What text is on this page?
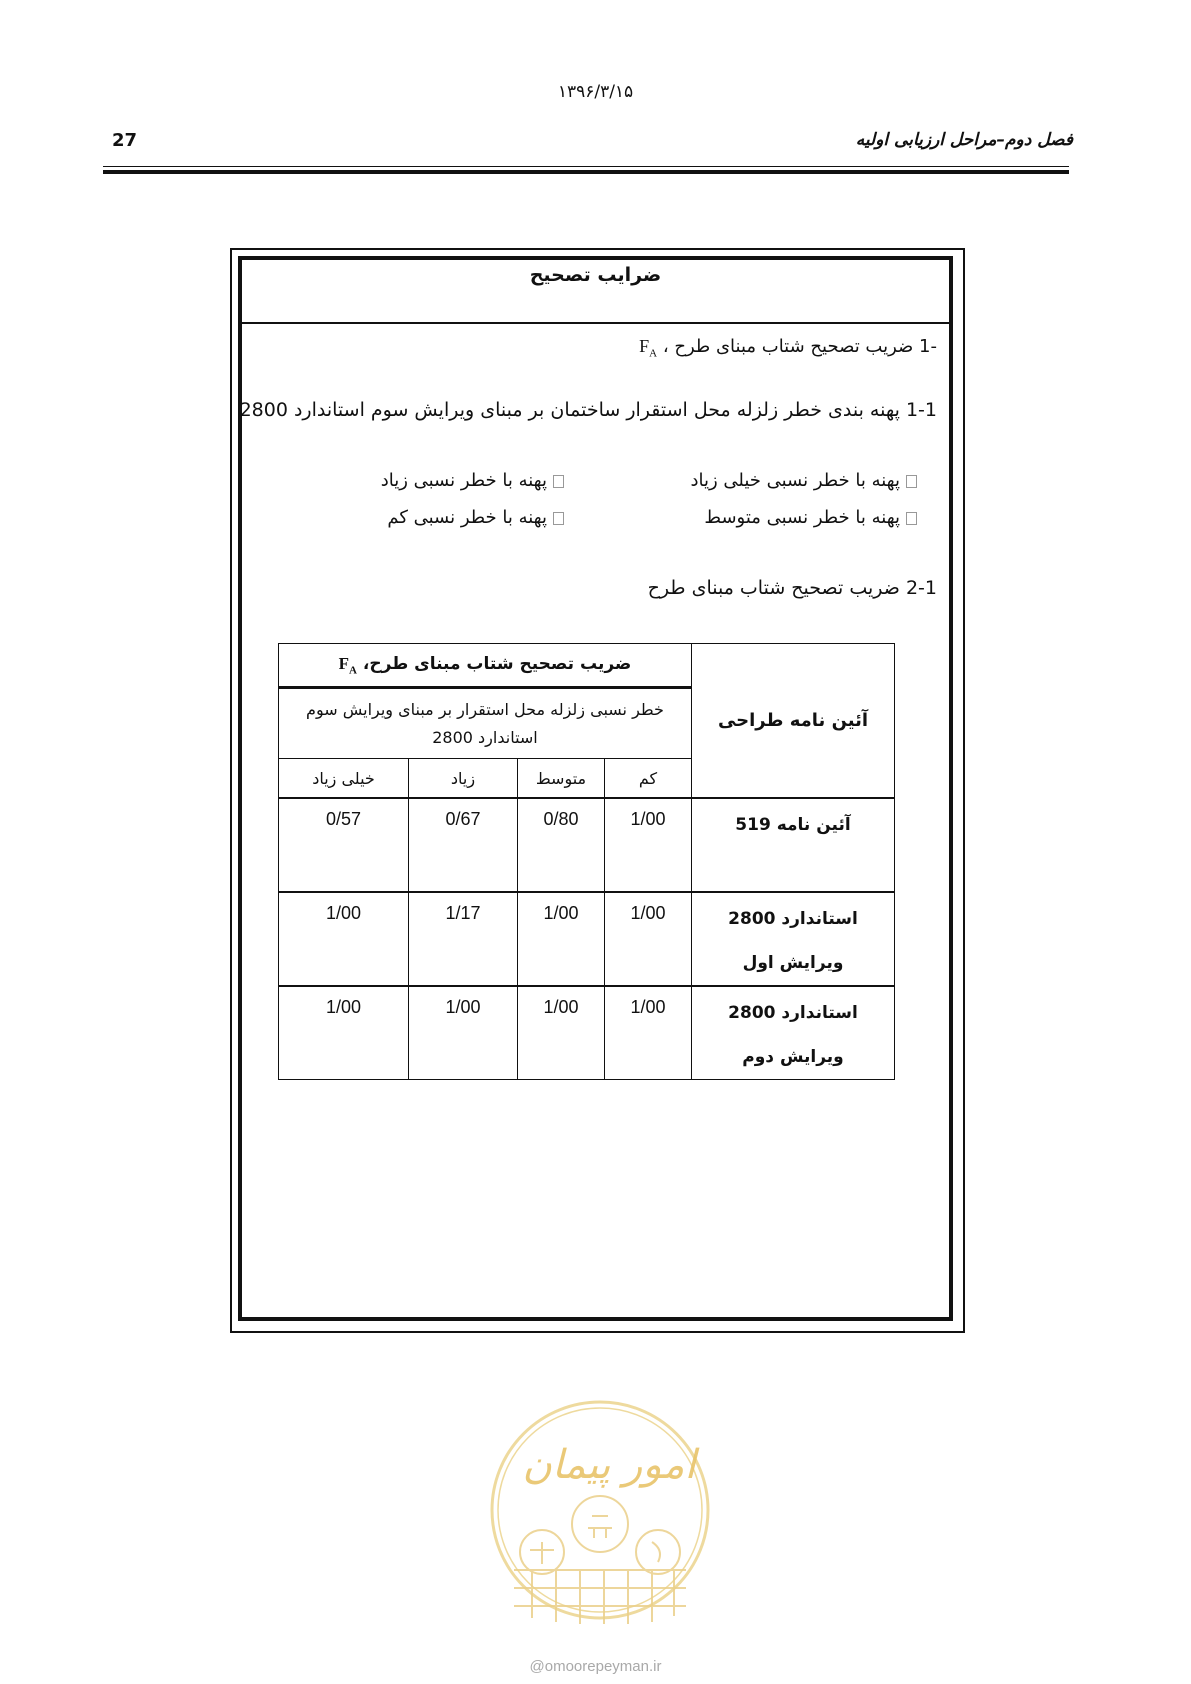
۱۳۹۶/۳/۱۵
27	فصل دوم–مراحل ارزیابی اولیه
ضرایب تصحیح
-1 ضریب تصحیح شتاب مبنای طرح ، $F_A$
1-1 پهنه بندی خطر زلزله محل استقرار ساختمان بر مبنای ویرایش سوم استاندارد 2800
پهنه با خطر نسبی خیلی زیاد
پهنه با خطر نسبی زیاد
پهنه با خطر نسبی متوسط
پهنه با خطر نسبی کم
2-1 ضریب تصحیح شتاب مبنای طرح
آئین نامه طراحی	ضریب تصحیح شتاب مبنای طرح، $F_A$

	خطر نسبی زلزله محل استقرار بر مبنای ویرایش سوم استاندارد 2800			

	کم	متوسط	زیاد	خیلی زیاد

آئین نامه 519	1/00	0/80	0/67	0/57

استاندارد 2800
ویرایش اول	1/00	1/00	1/17	1/00

استاندارد 2800
ویرایش دوم	1/00	1/00	1/00	1/00
امور پیمان
@omoorepeyman.ir
